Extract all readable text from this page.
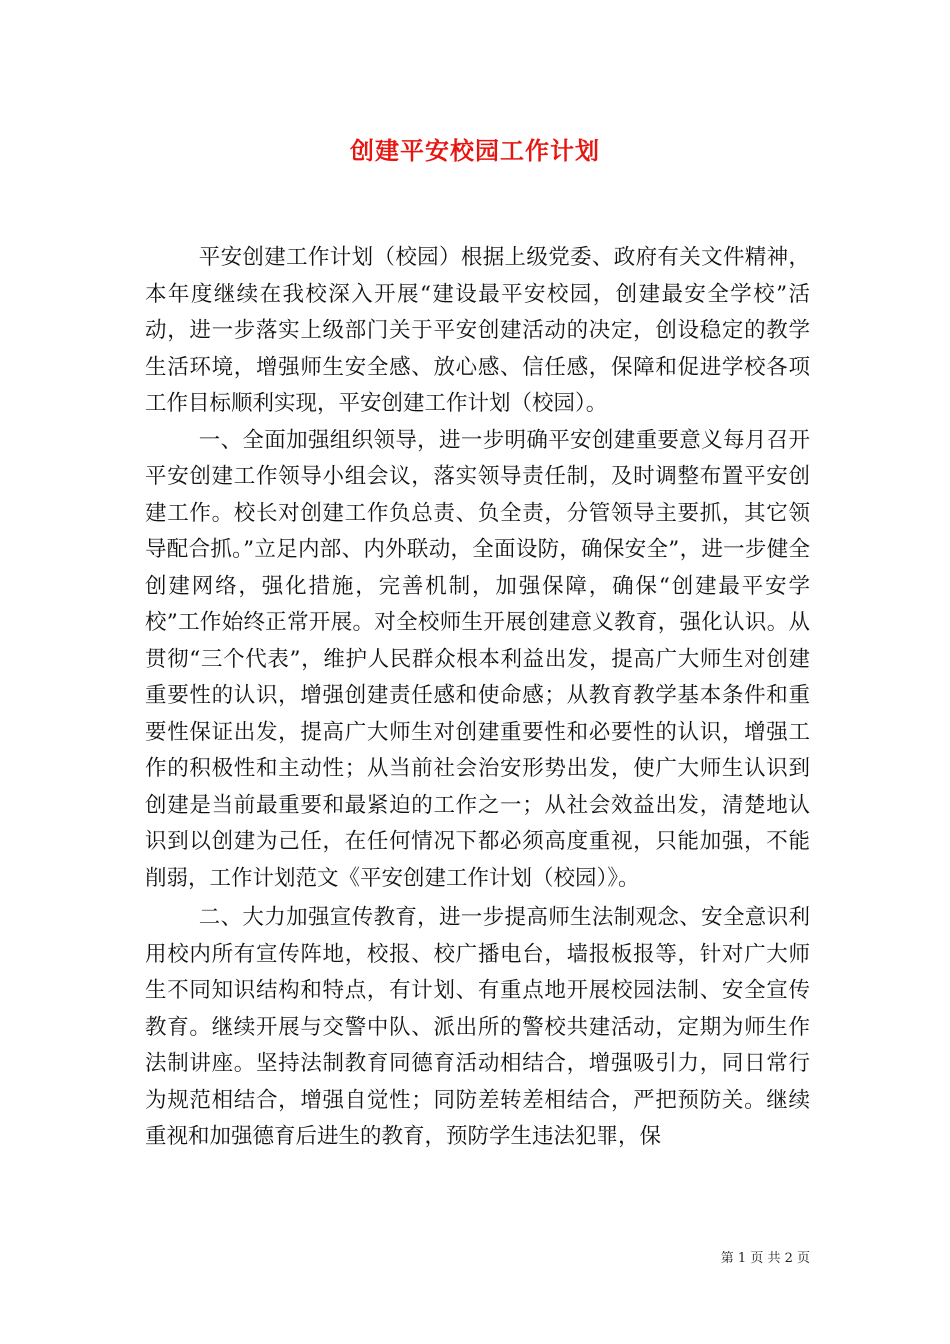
创建平安校园工作计划

平安创建工作计划（校园）根据上级党委、政府有关文件精神，本年度继续在我校深入开展“建设最平安校园，创建最安全学校”活动，进一步落实上级部门关于平安创建活动的决定，创设稳定的教学生活环境，增强师生安全感、放心感、信任感，保障和促进学校各项工作目标顺利实现，平安创建工作计划（校园）。

一、全面加强组织领导，进一步明确平安创建重要意义每月召开平安创建工作领导小组会议，落实领导责任制，及时调整布置平安创建工作。校长对创建工作负总责、负全责，分管领导主要抓，其它领导配合抓。”立足内部、内外联动，全面设防，确保安全”，进一步健全创建网络，强化措施，完善机制，加强保障，确保“创建最平安学校”工作始终正常开展。对全校师生开展创建意义教育，强化认识。从贯彻“三个代表”，维护人民群众根本利益出发，提高广大师生对创建重要性的认识，增强创建责任感和使命感；从教育教学基本条件和重要性保证出发，提高广大师生对创建重要性和必要性的认识，增强工作的积极性和主动性；从当前社会治安形势出发，使广大师生认识到创建是当前最重要和最紧迫的工作之一；从社会效益出发，清楚地认识到以创建为己任，在任何情况下都必须高度重视，只能加强，不能削弱，工作计划范文《平安创建工作计划（校园）》。

二、大力加强宣传教育，进一步提高师生法制观念、安全意识利用校内所有宣传阵地，校报、校广播电台，墙报板报等，针对广大师生不同知识结构和特点，有计划、有重点地开展校园法制、安全宣传教育。继续开展与交警中队、派出所的警校共建活动，定期为师生作法制讲座。坚持法制教育同德育活动相结合，增强吸引力，同日常行为规范相结合，增强自觉性；同防差转差相结合，严把预防关。继续重视和加强德育后进生的教育，预防学生违法犯罪，保

第 1 页 共 2 页
